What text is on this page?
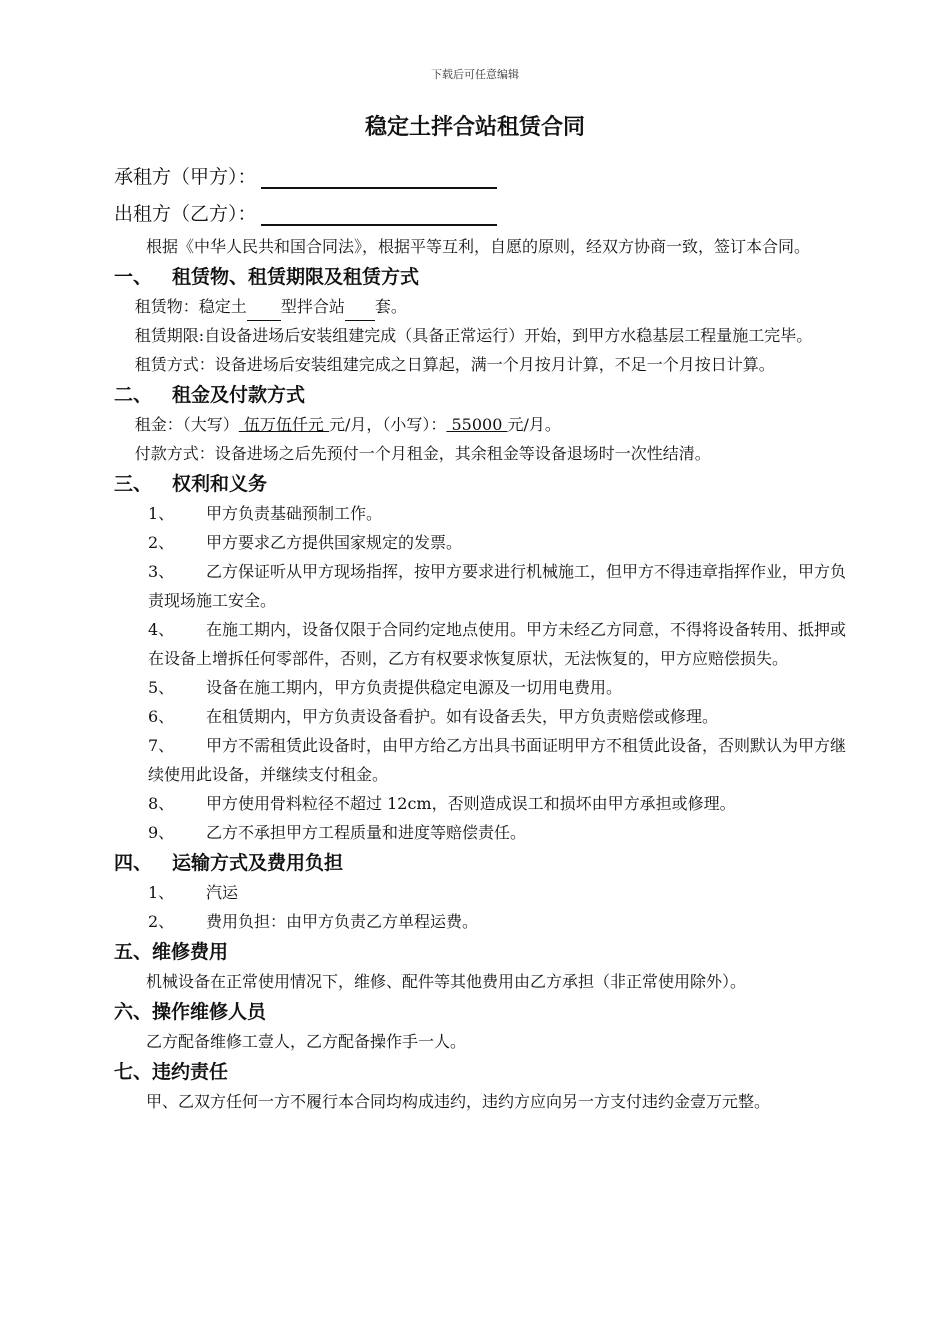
下载后可任意编辑
稳定土拌合站租赁合同
承租方（甲方）：
出租方（乙方）：

根据《中华人民共和国合同法》，根据平等互利，自愿的原则，经双方协商一致，签订本合同。

一、 租赁物、租赁期限及租赁方式

租赁物：稳定土 型拌合站 套。

租赁期限:自设备进场后安装组建完成（具备正常运行）开始，到甲方水稳基层工程量施工完毕。

租赁方式：设备进场后安装组建完成之日算起，满一个月按月计算，不足一个月按日计算。

二、 租金及付款方式

租金：（大写） 伍万伍仟元 元/月，（小写）： 55000 元/月。

付款方式：设备进场之后先预付一个月租金，其余租金等设备退场时一次性结清。

三、 权利和义务
1、	甲方负责基础预制工作。
2、	甲方要求乙方提供国家规定的发票。
3、 乙方保证听从甲方现场指挥，按甲方要求进行机械施工，但甲方不得违章指挥作业，甲方负责现场施工安全。
4、 在施工期内，设备仅限于合同约定地点使用。甲方未经乙方同意，不得将设备转用、抵押或在设备上增拆任何零部件，否则，乙方有权要求恢复原状，无法恢复的，甲方应赔偿损失。
5、	设备在施工期内，甲方负责提供稳定电源及一切用电费用。
6、	在租赁期内，甲方负责设备看护。如有设备丢失，甲方负责赔偿或修理。
7、 甲方不需租赁此设备时，由甲方给乙方出具书面证明甲方不租赁此设备，否则默认为甲方继续使用此设备，并继续支付租金。
8、	甲方使用骨料粒径不超过 12cm，否则造成误工和损坏由甲方承担或修理。
9、	乙方不承担甲方工程质量和进度等赔偿责任。
四、 运输方式及费用负担
1、	汽运
2、	费用负担：由甲方负责乙方单程运费。
五、维修费用

机械设备在正常使用情况下，维修、配件等其他费用由乙方承担（非正常使用除外）。

六、操作维修人员

乙方配备维修工壹人，乙方配备操作手一人。

七、违约责任

甲、乙双方任何一方不履行本合同均构成违约，违约方应向另一方支付违约金壹万元整。
